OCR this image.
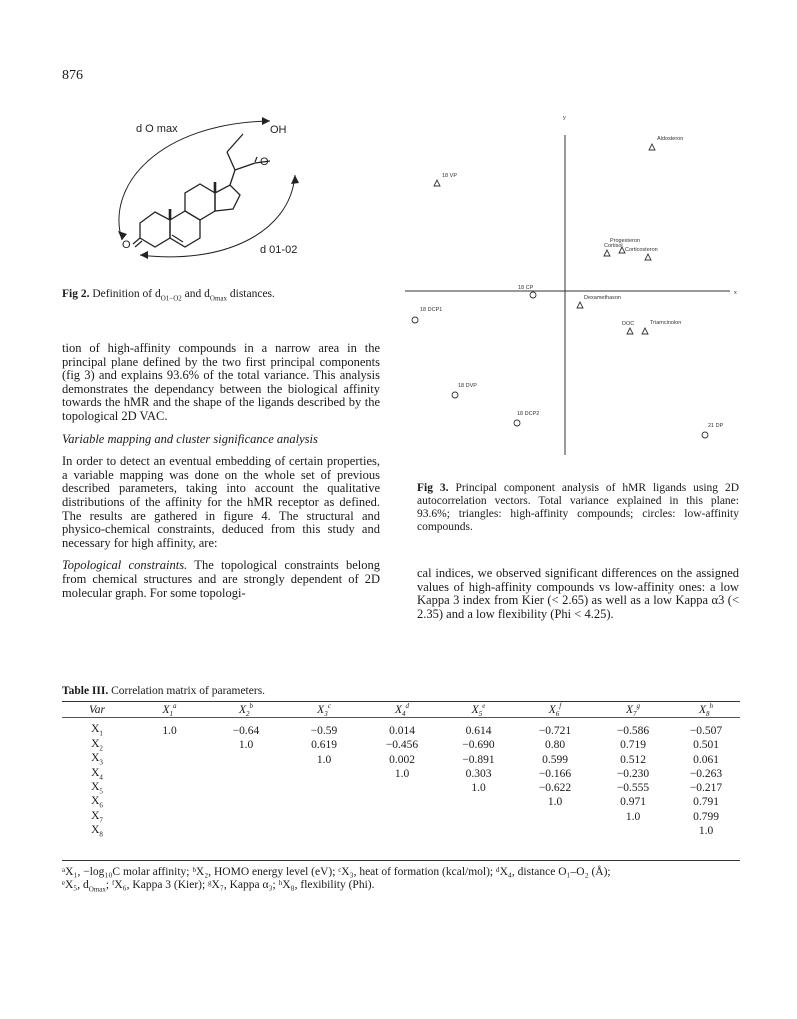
876
d O max	OH
O
O	d 01-02
Fig 2. Definition of $d_{O1-O2}$ and $d_{Omax}$ distances.

tion of high-affinity compounds in a narrow area in the principal plane defined by the two first principal components (fig 3) and explains 93.6% of the total variance. This analysis demonstrates the dependancy between the biological affinity towards the hMR and the shape of the ligands described by the topological 2D VAC.

Variable mapping and cluster significance analysis

In order to detect an eventual embedding of certain properties, a variable mapping was done on the whole set of previous described parameters, taking into account the qualitative distributions of the affinity for the hMR receptor as defined. The results are gathered in figure 4. The structural and physico-chemical constraints, deduced from this study and necessary for high affinity, are:

Topological constraints. The topological constraints belong from chemical structures and are strongly dependent of 2D molecular graph. For some topologi-

y
x
Aldosteron
18 VP
Cortisol
Progesteron
Corticosteron
18 CP
Dexamethason
18 DCP1
DOC	Triamcinolon
18 DVP
18 DCP2
21 DP
Fig 3. Principal component analysis of hMR ligands using 2D autocorrelation vectors. Total variance explained in this plane: 93.6%; triangles: high-affinity compounds; circles: low-affinity compounds.

cal indices, we observed significant differences on the assigned values of high-affinity compounds vs low-affinity ones: a low Kappa 3 index from Kier (< 2.65) as well as a low Kappa α3 (< 2.35) and a low flexibility (Phi < 4.25).

Table III. Correlation matrix of parameters.
Var	$X_1^a$	$X_2^b$	$X_3^c$	$X_4^d$	$X_5^e$	$X_6^f$	$X_7^g$	$X_8^h$
$X_1$	1.0	−0.64	−0.59	0.014	0.614	−0.721	−0.586	−0.507
$X_2$		1.0	0.619	−0.456	−0.690	0.80	0.719	0.501
$X_3$			1.0	0.002	−0.891	0.599	0.512	0.061
$X_4$				1.0	0.303	−0.166	−0.230	−0.263
$X_5$					1.0	−0.622	−0.555	−0.217
$X_6$						1.0	0.971	0.791
$X_7$							1.0	0.799
$X_8$								1.0
ᵃX₁, −log₁₀C molar affinity; ᵇX₂, HOMO energy level (eV); ᶜX₃, heat of formation (kcal/mol); ᵈX₄, distance O₁–O₂ (Å);
ᵉX₅, $d_{Omax}$; ᶠX₆, Kappa 3 (Kier); ᵍX₇, Kappa α₃; ʰX₈, flexibility (Phi).
